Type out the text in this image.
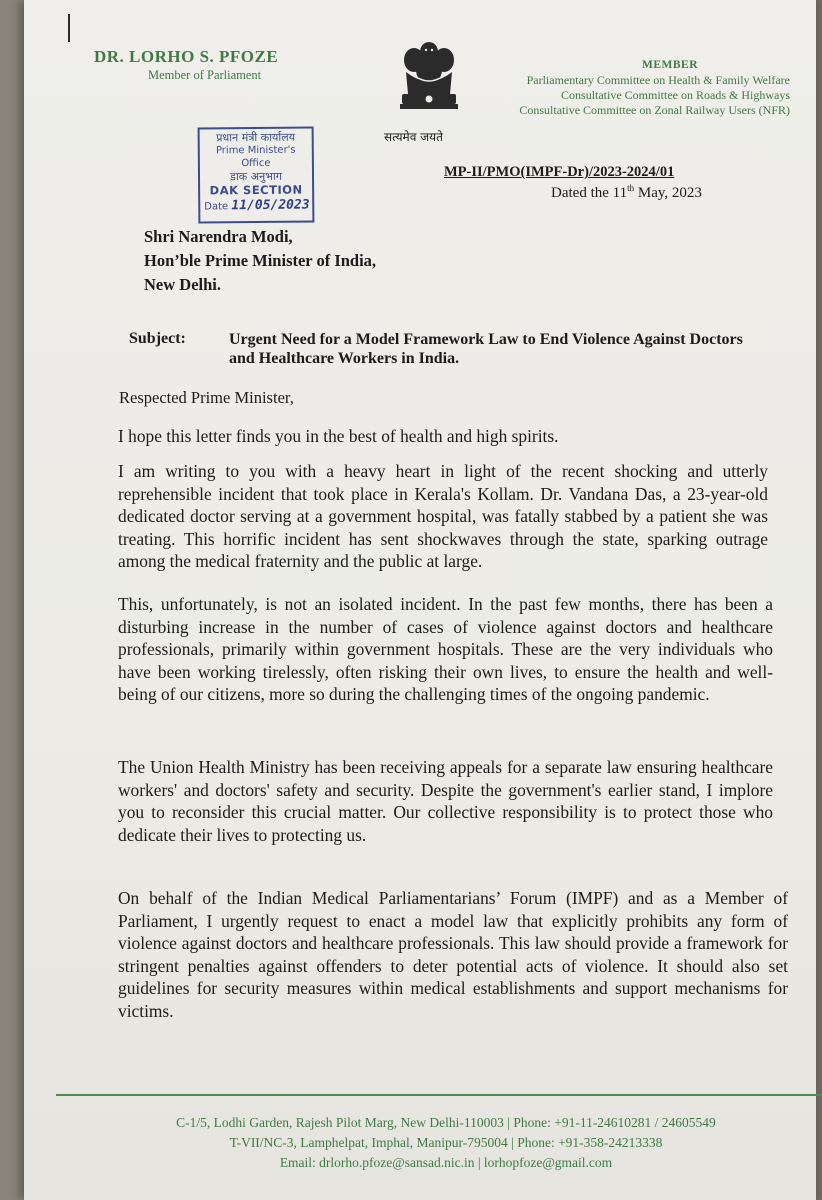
DR. LORHO S. PFOZE
Member of Parliament
सत्यमेव जयते
MEMBER
Parliamentary Committee on Health & Family Welfare
Consultative Committee on Roads & Highways
Consultative Committee on Zonal Railway Users (NFR)
प्रधान मंत्री कार्यालय
Prime Minister's Office
डाक अनुभाग
DAK SECTION
Date 11/05/2023
MP-II/PMO(IMPF-Dr)/2023-2024/01
Dated the 11th May, 2023
Shri Narendra Modi,
Hon’ble Prime Minister of India,
New Delhi.
Subject:	Urgent Need for a Model Framework Law to End Violence Against Doctors and Healthcare Workers in India.
Respected Prime Minister,
I hope this letter finds you in the best of health and high spirits.
I am writing to you with a heavy heart in light of the recent shocking and utterly reprehensible incident that took place in Kerala's Kollam. Dr. Vandana Das, a 23-year-old dedicated doctor serving at a government hospital, was fatally stabbed by a patient she was treating. This horrific incident has sent shockwaves through the state, sparking outrage among the medical fraternity and the public at large.
This, unfortunately, is not an isolated incident. In the past few months, there has been a disturbing increase in the number of cases of violence against doctors and healthcare professionals, primarily within government hospitals. These are the very individuals who have been working tirelessly, often risking their own lives, to ensure the health and well-being of our citizens, more so during the challenging times of the ongoing pandemic.
The Union Health Ministry has been receiving appeals for a separate law ensuring healthcare workers' and doctors' safety and security. Despite the government's earlier stand, I implore you to reconsider this crucial matter. Our collective responsibility is to protect those who dedicate their lives to protecting us.
On behalf of the Indian Medical Parliamentarians’ Forum (IMPF) and as a Member of Parliament, I urgently request to enact a model law that explicitly prohibits any form of violence against doctors and healthcare professionals. This law should provide a framework for stringent penalties against offenders to deter potential acts of violence. It should also set guidelines for security measures within medical establishments and support mechanisms for victims.
C-1/5, Lodhi Garden, Rajesh Pilot Marg, New Delhi-110003 | Phone: +91-11-24610281 / 24605549
T-VII/NC-3, Lamphelpat, Imphal, Manipur-795004 | Phone: +91-358-24213338
Email: drlorho.pfoze@sansad.nic.in | lorhopfoze@gmail.com
